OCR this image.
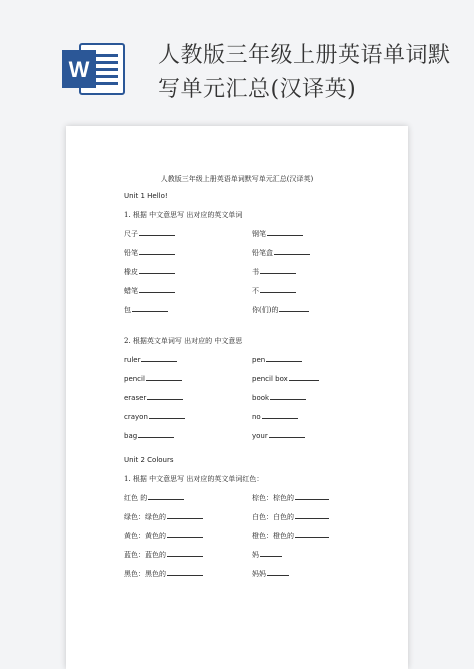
W
人教版三年级上册英语单词默
写单元汇总(汉译英)
人教版三年级上册英语单词默写单元汇总(汉译英)
Unit 1 Hello!
1. 根据 中文意思写 出对应的英文单词
尺子
铅笔
橡皮
蜡笔
包
钢笔
铅笔盒
书
不
你(们)的
2. 根据英文单词写 出对应的 中文意思
ruler
pencil
eraser
crayon
bag
pen
pencil box
book
no
your
Unit 2 Colours
1. 根据 中文意思写 出对应的英文单词红色：
红色 的
绿色：绿色的
黄色：黄色的
蓝色：蓝色的
黑色：黑色的
棕色：棕色的
白色：白色的
橙色：橙色的
妈
妈妈
